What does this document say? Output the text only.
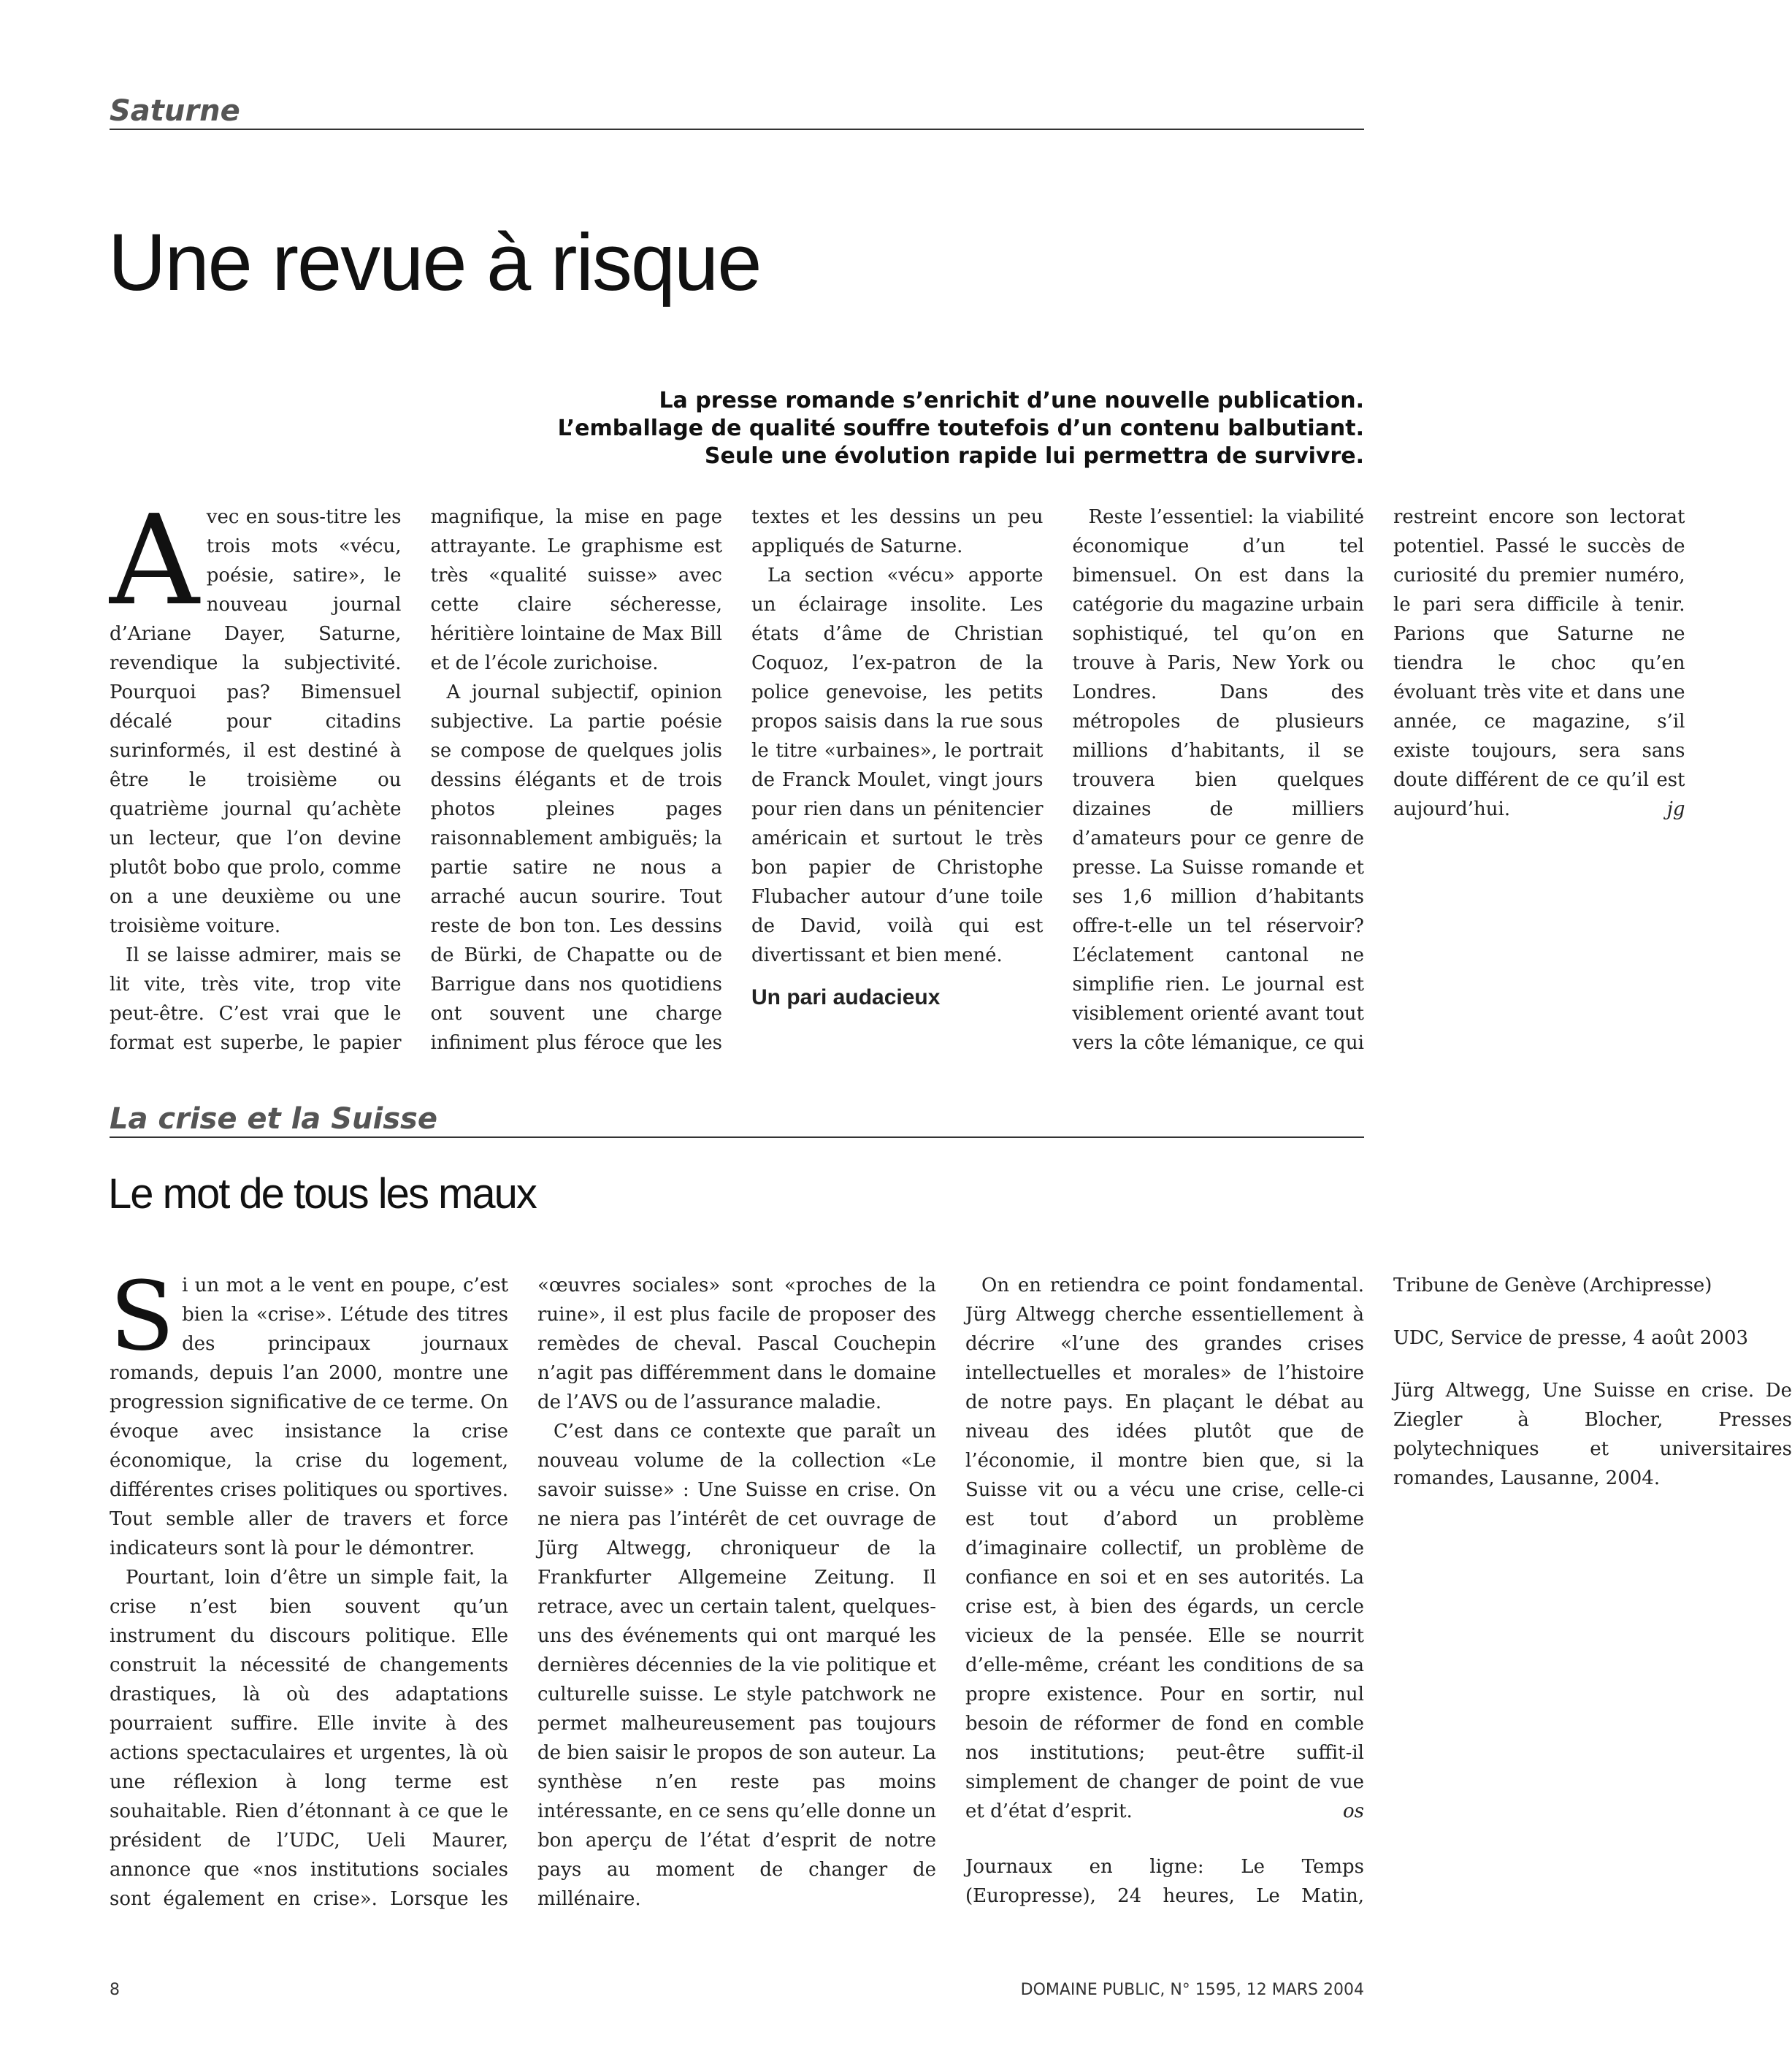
Saturne
Une revue à risque
La presse romande s’enrichit d’une nouvelle publication.
L’emballage de qualité souffre toutefois d’un contenu balbutiant.
Seule une évolution rapide lui permettra de survivre.

Avec en sous-titre les trois mots «vécu, poésie, satire», le nouveau journal d’Ariane Dayer, Saturne, revendique la subjectivité. Pourquoi pas? Bimensuel décalé pour citadins surinformés, il est destiné à être le troisième ou quatrième journal qu’achète un lecteur, que l’on devine plutôt bobo que prolo, comme on a une deuxième ou une troisième voiture.

Il se laisse admirer, mais se lit vite, très vite, trop vite peut-être. C’est vrai que le format est superbe, le papier magnifique, la mise en page attrayante. Le graphisme est très «qualité suisse» avec cette claire sécheresse, héritière lointaine de Max Bill et de l’école zurichoise.

A journal subjectif, opinion subjective. La partie poésie se compose de quelques jolis dessins élégants et de trois photos pleines pages raisonnablement ambiguës; la partie satire ne nous a arraché aucun sourire. Tout reste de bon ton. Les dessins de Bürki, de Chapatte ou de Barrigue dans nos quotidiens ont souvent une charge infiniment plus féroce que les textes et les dessins un peu appliqués de Saturne.

La section «vécu» apporte un éclairage insolite. Les états d’âme de Christian Coquoz, l’ex-patron de la police genevoise, les petits propos saisis dans la rue sous le titre «urbaines», le portrait de Franck Moulet, vingt jours pour rien dans un pénitencier américain et surtout le très bon papier de Christophe Flubacher autour d’une toile de David, voilà qui est divertissant et bien mené.

Un pari audacieux

Reste l’essentiel: la viabilité économique d’un tel bimensuel. On est dans la catégorie du magazine urbain sophistiqué, tel qu’on en trouve à Paris, New York ou Londres. Dans des métropoles de plusieurs millions d’habitants, il se trouvera bien quelques dizaines de milliers d’amateurs pour ce genre de presse. La Suisse romande et ses 1,6 million d’habitants offre-t-elle un tel réservoir? L’éclatement cantonal ne simplifie rien. Le journal est visiblement orienté avant tout vers la côte lémanique, ce qui restreint encore son lectorat potentiel. Passé le succès de curiosité du premier numéro, le pari sera difficile à tenir. Parions que Saturne ne tiendra le choc qu’en évoluant très vite et dans une année, ce magazine, s’il existe toujours, sera sans doute différent de ce qu’il est aujourd’hui.	jg

La crise et la Suisse
Le mot de tous les maux

Si un mot a le vent en poupe, c’est bien la «crise». L’étude des titres des principaux journaux romands, depuis l’an 2000, montre une progression significative de ce terme. On évoque avec insistance la crise économique, la crise du logement, différentes crises politiques ou sportives. Tout semble aller de travers et force indicateurs sont là pour le démontrer.

Pourtant, loin d’être un simple fait, la crise n’est bien souvent qu’un instrument du discours politique. Elle construit la nécessité de changements drastiques, là où des adaptations pourraient suffire. Elle invite à des actions spectaculaires et urgentes, là où une réflexion à long terme est souhaitable. Rien d’étonnant à ce que le président de l’UDC, Ueli Maurer, annonce que «nos institutions sociales sont également en crise». Lorsque les «œuvres sociales» sont «proches de la ruine», il est plus facile de proposer des remèdes de cheval. Pascal Couchepin n’agit pas différemment dans le domaine de l’AVS ou de l’assurance maladie.

C’est dans ce contexte que paraît un nouveau volume de la collection «Le savoir suisse» : Une Suisse en crise. On ne niera pas l’intérêt de cet ouvrage de Jürg Altwegg, chroniqueur de la Frankfurter Allgemeine Zeitung. Il retrace, avec un certain talent, quelques-uns des événements qui ont marqué les dernières décennies de la vie politique et culturelle suisse. Le style patchwork ne permet malheureusement pas toujours de bien saisir le propos de son auteur. La synthèse n’en reste pas moins intéressante, en ce sens qu’elle donne un bon aperçu de l’état d’esprit de notre pays au moment de changer de millénaire.

On en retiendra ce point fondamental. Jürg Altwegg cherche essentiellement à décrire «l’une des grandes crises intellectuelles et morales» de l’histoire de notre pays. En plaçant le débat au niveau des idées plutôt que de l’économie, il montre bien que, si la Suisse vit ou a vécu une crise, celle-ci est tout d’abord un problème d’imaginaire collectif, un problème de confiance en soi et en ses autorités. La crise est, à bien des égards, un cercle vicieux de la pensée. Elle se nourrit d’elle-même, créant les conditions de sa propre existence. Pour en sortir, nul besoin de réformer de fond en comble nos institutions; peut-être suffit-il simplement de changer de point de vue et d’état d’esprit.	os

Journaux en ligne: Le Temps (Europresse), 24 heures, Le Matin, Tribune de Genève (Archipresse)

UDC, Service de presse, 4 août 2003

Jürg Altwegg, Une Suisse en crise. De Ziegler à Blocher, Presses polytechniques et universitaires romandes, Lausanne, 2004.

8	DOMAINE PUBLIC, N° 1595, 12 MARS 2004
